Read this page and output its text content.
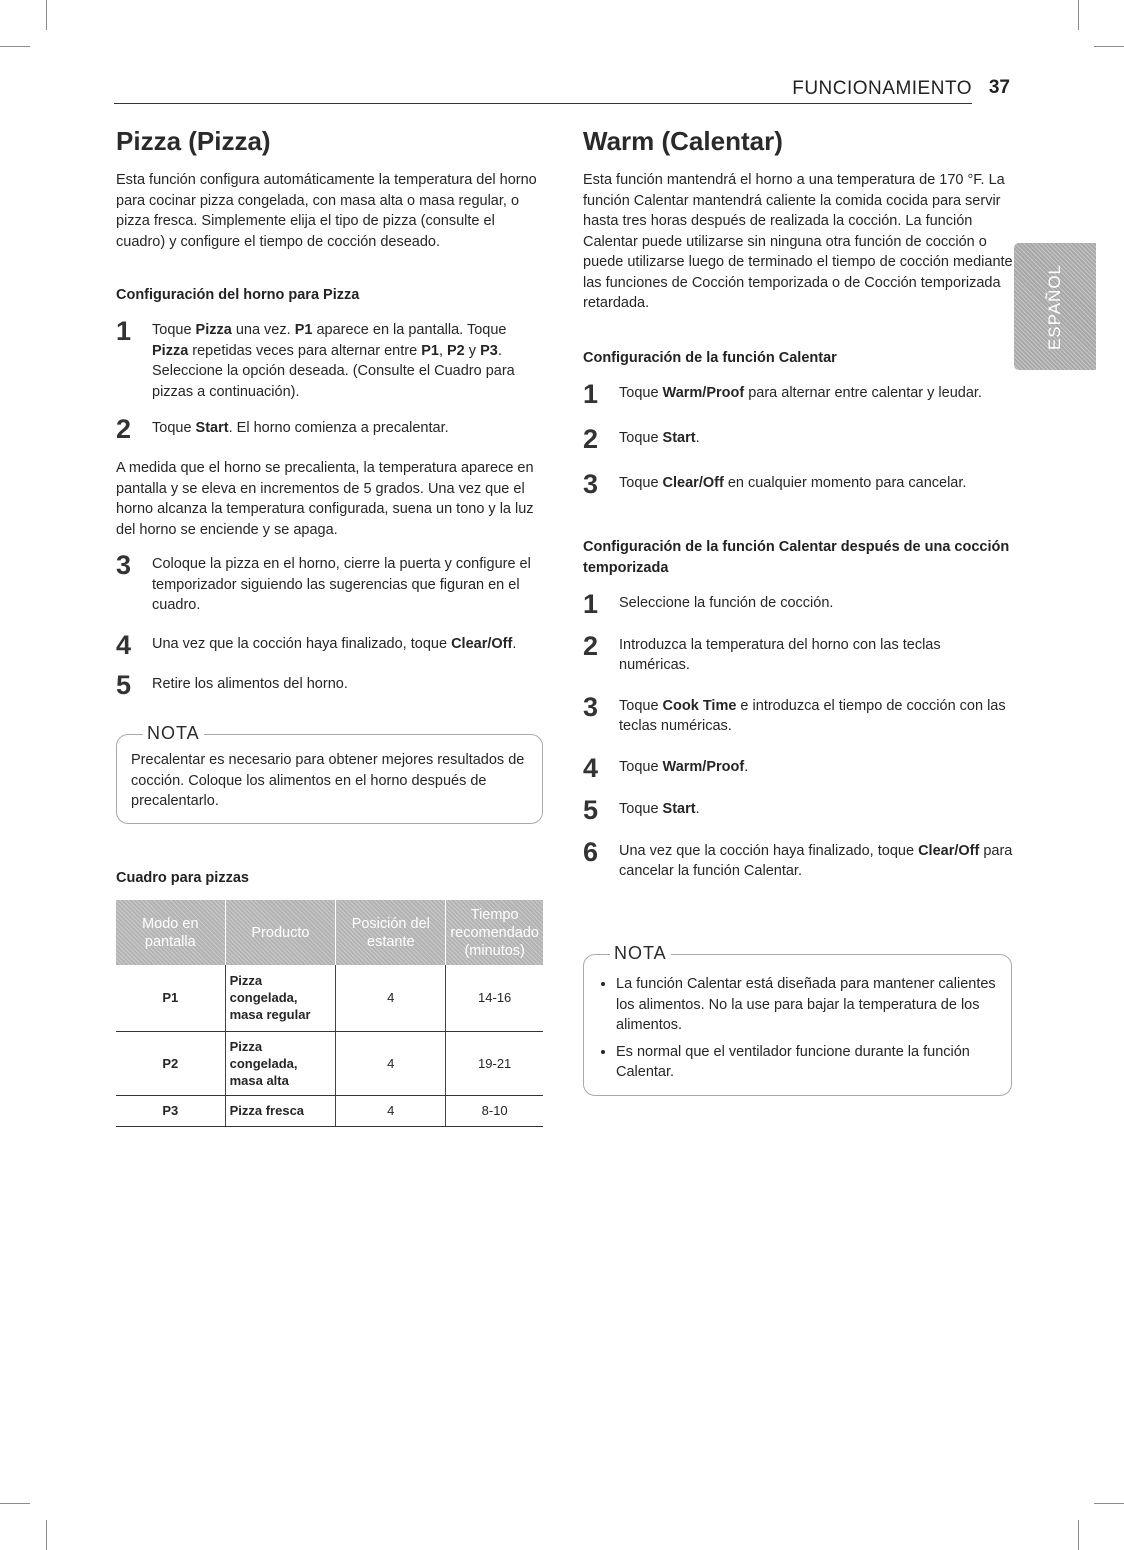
FUNCIONAMIENTO 37
ESPAÑOL
Pizza (Pizza)

Esta función configura automáticamente la temperatura del horno para cocinar pizza congelada, con masa alta o masa regular, o pizza fresca. Simplemente elija el tipo de pizza (consulte el cuadro) y configure el tiempo de cocción deseado.

Configuración del horno para Pizza
1	Toque Pizza una vez. P1 aparece en la pantalla. Toque Pizza repetidas veces para alternar entre P1, P2 y P3. Seleccione la opción deseada. (Consulte el Cuadro para pizzas a continuación).
2	Toque Start. El horno comienza a precalentar.

A medida que el horno se precalienta, la temperatura aparece en pantalla y se eleva en incrementos de 5 grados. Una vez que el horno alcanza la temperatura configurada, suena un tono y la luz del horno se enciende y se apaga.

3	Coloque la pizza en el horno, cierre la puerta y configure el temporizador siguiendo las sugerencias que figuran en el cuadro.
4	Una vez que la cocción haya finalizado, toque Clear/Off.
5	Retire los alimentos del horno.
NOTA
Precalentar es necesario para obtener mejores resultados de cocción. Coloque los alimentos en el horno después de precalentarlo.
Cuadro para pizzas
Modo en pantalla	Producto	Posición del estante	Tiempo recomendado (minutos)
P1	Pizza congelada, masa regular	4	14-16
P2	Pizza congelada, masa alta	4	19-21
P3	Pizza fresca	4	8-10
Warm (Calentar)

Esta función mantendrá el horno a una temperatura de 170 °F. La función Calentar mantendrá caliente la comida cocida para servir hasta tres horas después de realizada la cocción. La función Calentar puede utilizarse sin ninguna otra función de cocción o puede utilizarse luego de terminado el tiempo de cocción mediante las funciones de Cocción temporizada o de Cocción temporizada retardada.

Configuración de la función Calentar
1	Toque Warm/Proof para alternar entre calentar y leudar.
2	Toque Start.
3	Toque Clear/Off en cualquier momento para cancelar.
Configuración de la función Calentar después de una cocción temporizada
1	Seleccione la función de cocción.
2	Introduzca la temperatura del horno con las teclas numéricas.
3	Toque Cook Time e introduzca el tiempo de cocción con las teclas numéricas.
4	Toque Warm/Proof.
5	Toque Start.
6	Una vez que la cocción haya finalizado, toque Clear/Off para cancelar la función Calentar.
NOTA
• La función Calentar está diseñada para mantener calientes los alimentos. No la use para bajar la temperatura de los alimentos.
• Es normal que el ventilador funcione durante la función Calentar.
